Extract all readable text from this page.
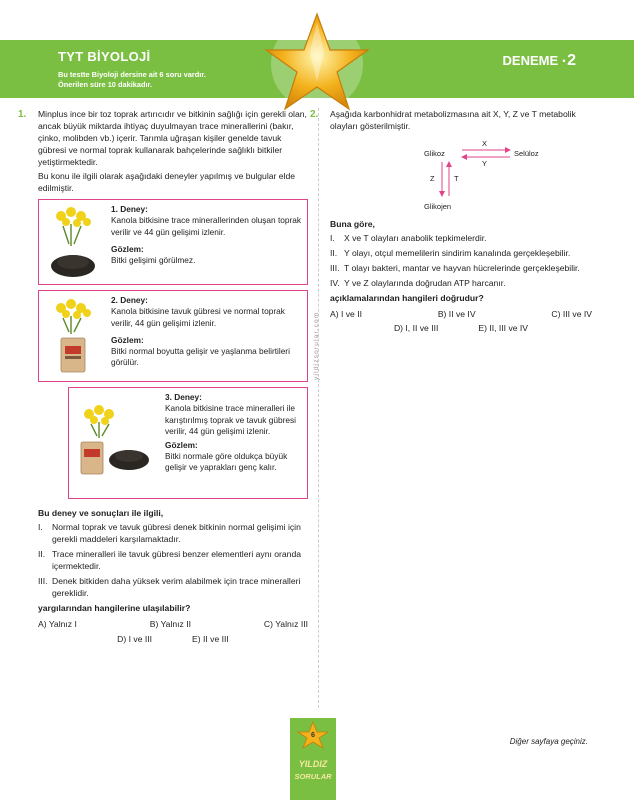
TYT BİYOLOJİ
Bu testte Biyoloji dersine ait 6 soru vardır.
Önerilen süre 10 dakikadır.
DENEME ·2
yildizsorular.com
1. Minplus ince bir toz toprak artırıcıdır ve bitkinin sağlığı için gerekli olan, ancak büyük miktarda ihtiyaç duyulmayan trace minerallerini (bakır, çinko, molibden vb.) içerir. Tarımla uğraşan kişiler genelde tavuk gübresi ve normal toprak kullanarak bahçelerinde sağlıklı bitkiler yetiştirmektedir.

Bu konu ile ilgili olarak aşağıdaki deneyler yapılmış ve bulgular elde edilmiştir.

1. Deney:
Kanola bitkisine trace minerallerinden oluşan toprak verilir ve 44 gün gelişimi izlenir.
Gözlem:
Bitki gelişimi görülmez.
2. Deney:
Kanola bitkisine tavuk gübresi ve normal toprak verilir, 44 gün gelişimi izlenir.
Gözlem:
Bitki normal boyutta gelişir ve yaşlanma belirtileri görülür.
3. Deney:
Kanola bitkisine trace mineralleri ile karıştırılmış toprak ve tavuk gübresi verilir, 44 gün gelişimi izlenir.
Gözlem:
Bitki normale göre oldukça büyük gelişir ve yaprakları genç kalır.

Bu deney ve sonuçları ile ilgili,

I. Normal toprak ve tavuk gübresi denek bitkinin normal gelişimi için gerekli maddeleri karşılamaktadır.
II. Trace mineralleri ile tavuk gübresi benzer elementleri aynı oranda içermektedir.
III. Denek bitkiden daha yüksek verim alabilmek için trace mineralleri gereklidir.

yargılarından hangilerine ulaşılabilir?

A) Yalnız I	B) Yalnız II	C) Yalnız III
D) I ve III	E) II ve III
2. Aşağıda karbonhidrat metabolizmasına ait X, Y, Z ve T metabolik olayları gösterilmiştir.

Glikoz	Selüloz
Glikojen
X
Y
Z	T

Buna göre,

I. X ve T olayları anabolik tepkimelerdir.
II. Y olayı, otçul memelilerin sindirim kanalında gerçekleşebilir.
III. T olayı bakteri, mantar ve hayvan hücrelerinde gerçekleşebilir.
IV. Y ve Z olaylarında doğrudan ATP harcanır.

açıklamalarından hangileri doğrudur?

A) I ve II	B) II ve IV	C) III ve IV
D) I, II ve III	E) II, III ve IV
6
YILDIZ
SORULAR
Diğer sayfaya geçiniz.
